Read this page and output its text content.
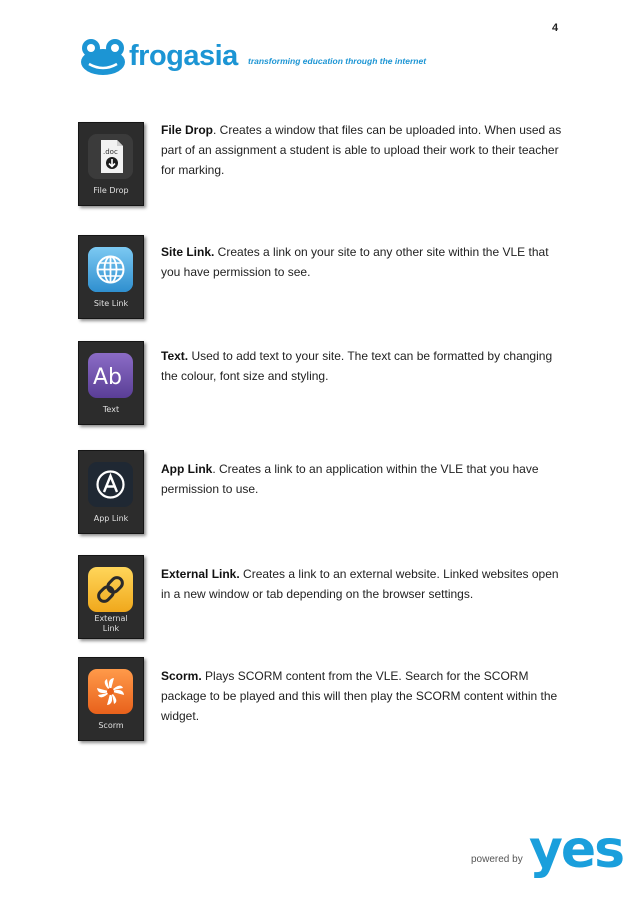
4
frogasia transforming education through the internet
.doc
File Drop
File Drop. Creates a window that files can be uploaded into. When used as part of an assignment a student is able to upload their work to their teacher for marking.
Site Link
Site Link. Creates a link on your site to any other site within the VLE that you have permission to see.
Ab
Text
Text. Used to add text to your site. The text can be formatted by changing the colour, font size and styling.
App Link
App Link. Creates a link to an application within the VLE that you have permission to use.
External Link
External Link. Creates a link to an external website. Linked websites open in a new window or tab depending on the browser settings.
Scorm
Scorm. Plays SCORM content from the VLE. Search for the SCORM package to be played and this will then play the SCORM content within the widget.
powered by yes
